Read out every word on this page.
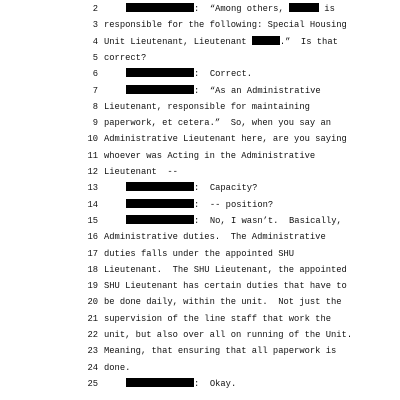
2	:  “Among others,	is
3 responsible for the following: Special Housing
4 Unit Lieutenant, Lieutenant	.”  Is that
5 correct?
6	:  Correct.
7	:  “As an Administrative
8 Lieutenant, responsible for maintaining
9 paperwork, et cetera.”  So, when you say an
10 Administrative Lieutenant here, are you saying
11 whoever was Acting in the Administrative
12 Lieutenant  --
13	:  Capacity?
14	:  -- position?
15	:  No, I wasn’t.  Basically,
16 Administrative duties.  The Administrative
17 duties falls under the appointed SHU
18 Lieutenant.  The SHU Lieutenant, the appointed
19 SHU Lieutenant has certain duties that have to
20 be done daily, within the unit.  Not just the
21 supervision of the line staff that work the
22 unit, but also over all on running of the Unit.
23 Meaning, that ensuring that all paperwork is
24 done.
25	:  Okay.
